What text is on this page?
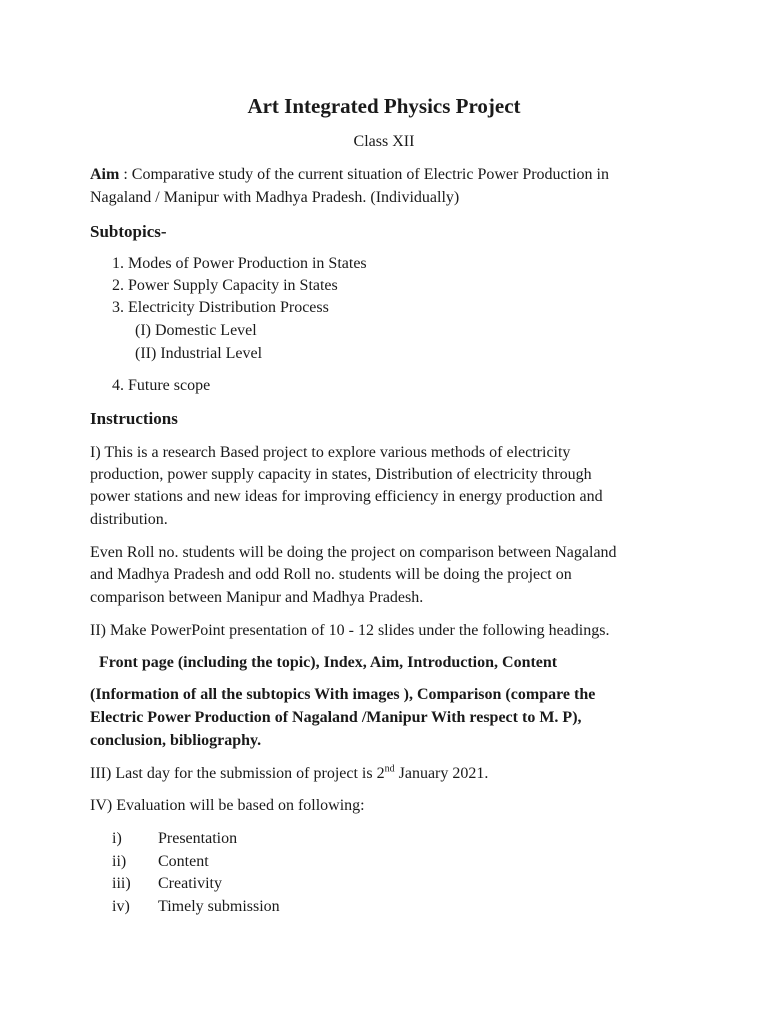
Art Integrated Physics Project
Class XII
Aim : Comparative study of the current situation of Electric Power Production in
Nagaland / Manipur with Madhya Pradesh. (Individually)
Subtopics-
1. Modes of Power Production in States
2. Power Supply Capacity in States
3. Electricity Distribution Process
(I) Domestic Level
(II) Industrial Level
4. Future scope
Instructions
I) This is a research Based project to explore various methods of electricity
production, power supply capacity in states, Distribution of electricity through
power stations and new ideas for improving efficiency in energy production and
distribution.
Even Roll no. students will be doing the project on comparison between Nagaland
and Madhya Pradesh and odd Roll no. students will be doing the project on
comparison between Manipur and Madhya Pradesh.
II) Make PowerPoint presentation of 10 - 12 slides under the following headings.
Front page (including the topic), Index, Aim, Introduction, Content
(Information of all the subtopics With images ), Comparison (compare the
Electric Power Production of Nagaland /Manipur With respect to M. P),
conclusion, bibliography.
III) Last day for the submission of project is 2nd January 2021.
IV) Evaluation will be based on following:
i) Presentation
ii) Content
iii) Creativity
iv) Timely submission
